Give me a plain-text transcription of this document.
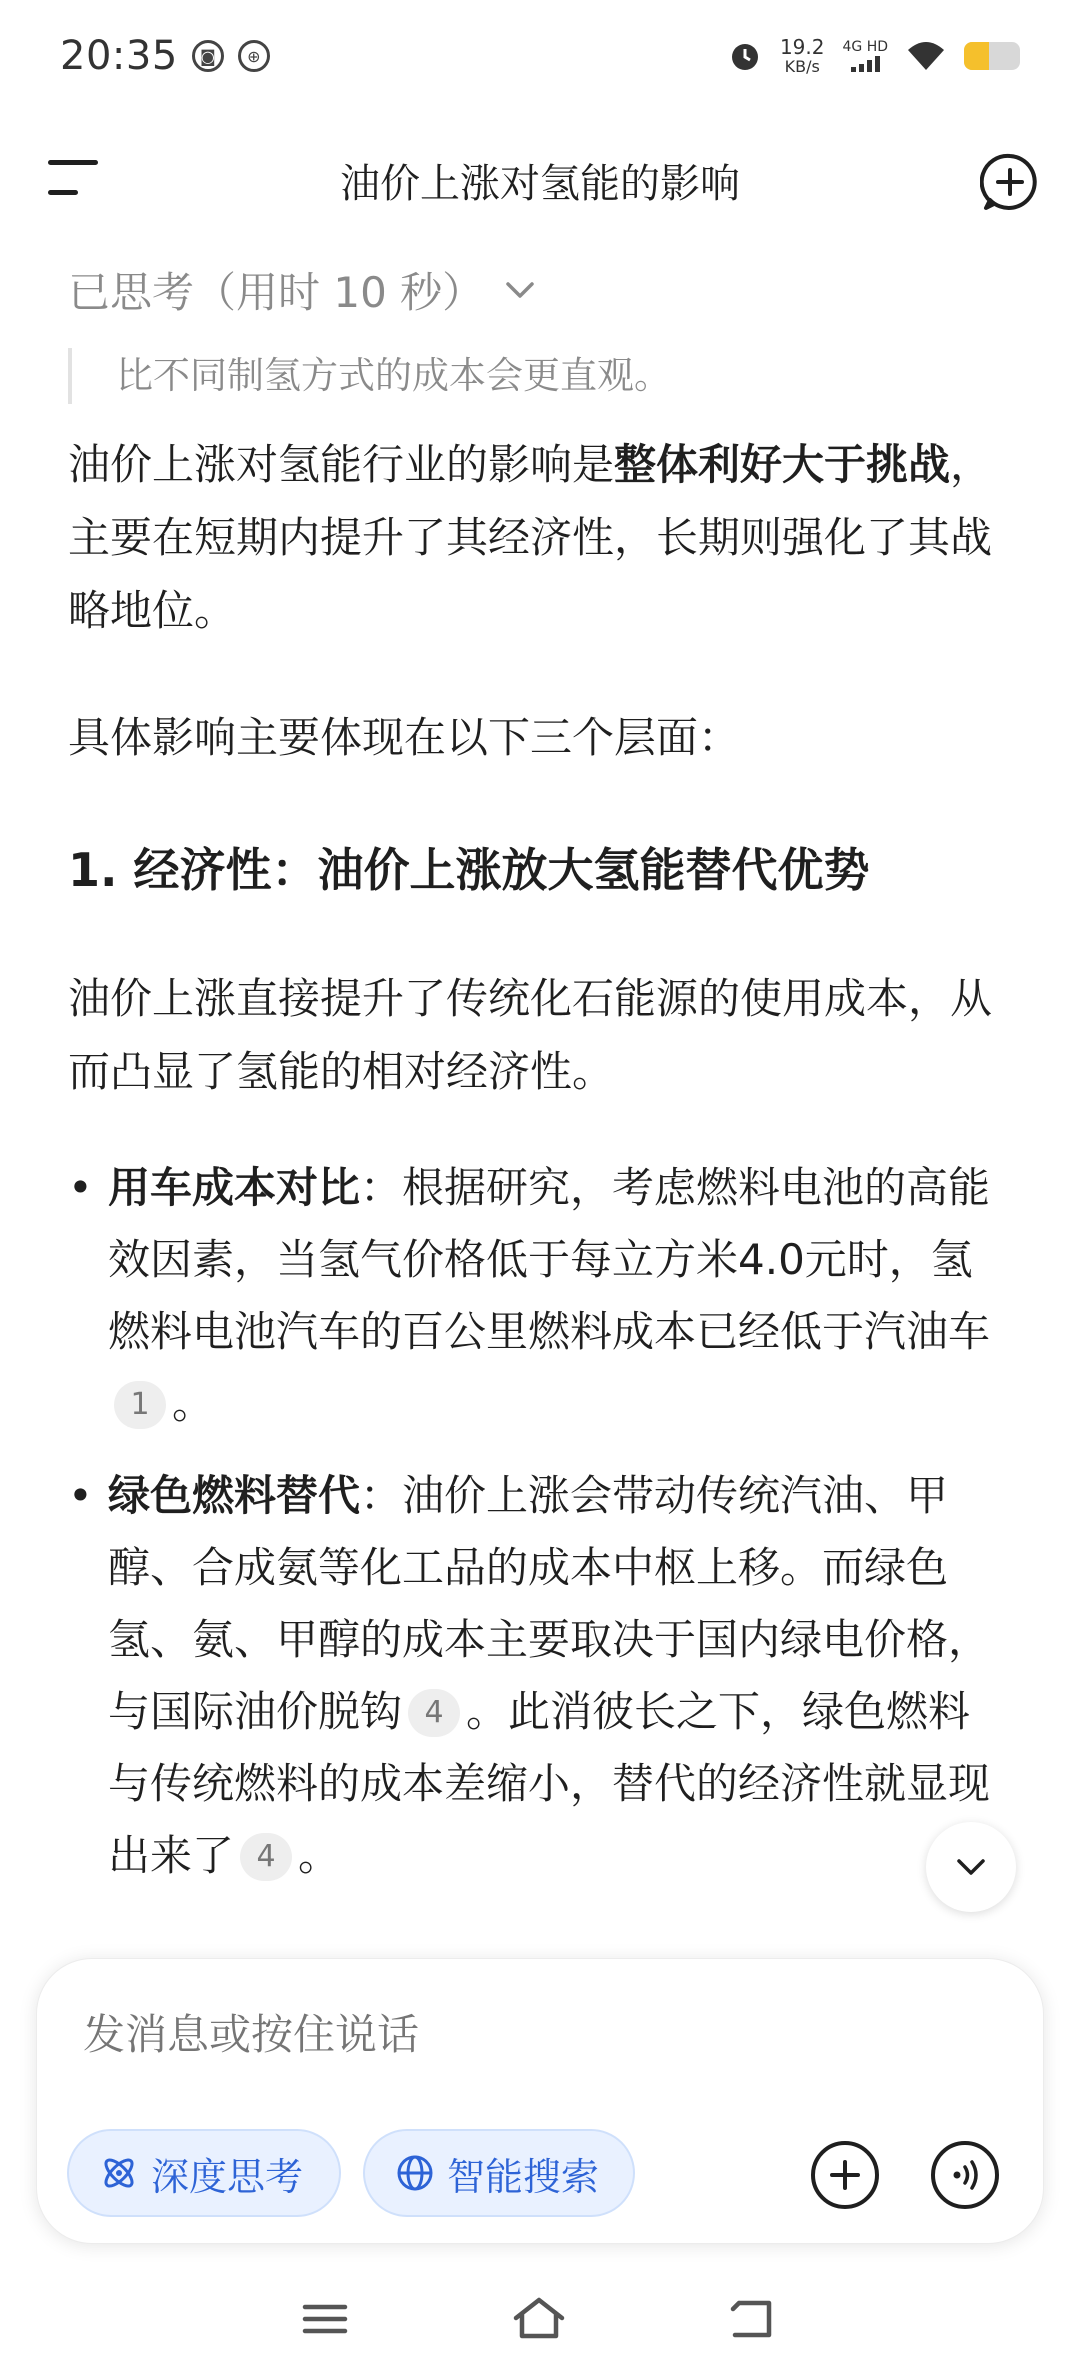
20:35	◙	⊕	19.2
KB/s
4G HD
油价上涨对氢能的影响
已思考（用时 10 秒）
比不同制氢方式的成本会更直观。

油价上涨对氢能行业的影响是整体利好大于挑战，主要在短期内提升了其经济性，长期则强化了其战略地位。

具体影响主要体现在以下三个层面：

1. 经济性：油价上涨放大氢能替代优势

油价上涨直接提升了传统化石能源的使用成本，从而凸显了氢能的相对经济性。

• 用车成本对比：根据研究，考虑燃料电池的高能效因素，当氢气价格低于每立方米4.0元时，氢燃料电池汽车的百公里燃料成本已经低于汽油车1 。
• 绿色燃料替代：油价上涨会带动传统汽油、甲醇、合成氨等化工品的成本中枢上移。而绿色氢、氨、甲醇的成本主要取决于国内绿电价格，与国际油价脱钩 4 。此消彼长之下，绿色燃料与传统燃料的成本差缩小，替代的经济性就显现出来了 4 。
发消息或按住说话
深度思考	智能搜索
